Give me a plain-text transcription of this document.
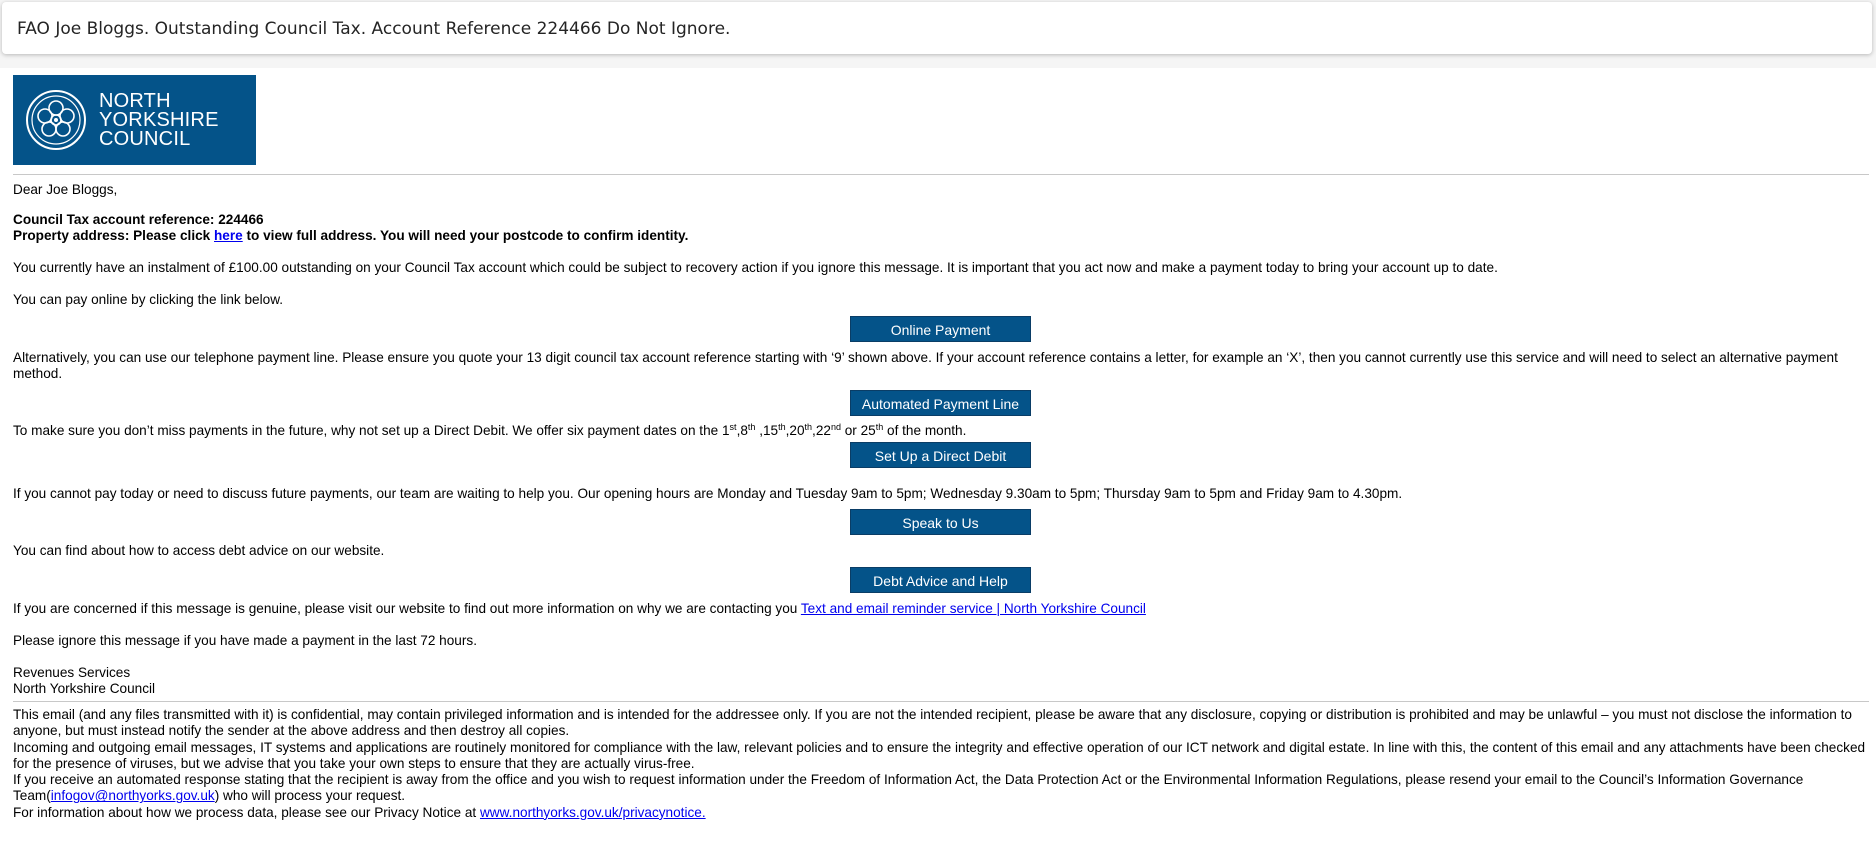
FAO Joe Bloggs. Outstanding Council Tax. Account Reference 224466 Do Not Ignore.
NORTH
YORKSHIRE
COUNCIL

Dear Joe Bloggs,

Council Tax account reference: 224466

Property address: Please click here to view full address. You will need your postcode to confirm identity.

You currently have an instalment of £100.00 outstanding on your Council Tax account which could be subject to recovery action if you ignore this message. It is important that you act now and make a payment today to bring your account up to date.

You can pay online by clicking the link below.

Online Payment

Alternatively, you can use our telephone payment line. Please ensure you quote your 13 digit council tax account reference starting with ‘9’ shown above. If your account reference contains a letter, for example an ‘X’, then you cannot currently use this service and will need to select an alternative payment method.

Automated Payment Line

To make sure you don’t miss payments in the future, why not set up a Direct Debit. We offer six payment dates on the 1st,8th ,15th,20th,22nd or 25th of the month.

Set Up a Direct Debit

If you cannot pay today or need to discuss future payments, our team are waiting to help you. Our opening hours are Monday and Tuesday 9am to 5pm; Wednesday 9.30am to 5pm; Thursday 9am to 5pm and Friday 9am to 4.30pm.

Speak to Us

You can find about how to access debt advice on our website.

Debt Advice and Help

If you are concerned if this message is genuine, please visit our website to find out more information on why we are contacting you Text and email reminder service | North Yorkshire Council

Please ignore this message if you have made a payment in the last 72 hours.

Revenues Services

North Yorkshire Council

This email (and any files transmitted with it) is confidential, may contain privileged information and is intended for the addressee only. If you are not the intended recipient, please be aware that any disclosure, copying or distribution is prohibited and may be unlawful – you must not disclose the information to anyone, but must instead notify the sender at the above address and then destroy all copies.

Incoming and outgoing email messages, IT systems and applications are routinely monitored for compliance with the law, relevant policies and to ensure the integrity and effective operation of our ICT network and digital estate. In line with this, the content of this email and any attachments have been checked for the presence of viruses, but we advise that you take your own steps to ensure that they are actually virus-free.

If you receive an automated response stating that the recipient is away from the office and you wish to request information under the Freedom of Information Act, the Data Protection Act or the Environmental Information Regulations, please resend your email to the Council’s Information Governance Team(infogov@northyorks.gov.uk) who will process your request.

For information about how we process data, please see our Privacy Notice at www.northyorks.gov.uk/privacynotice.
